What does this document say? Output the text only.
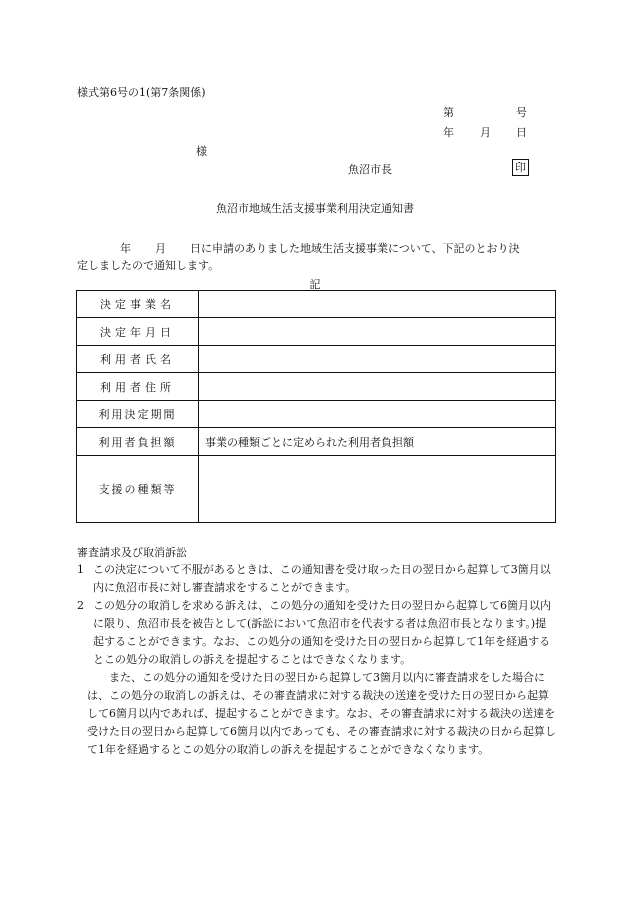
様式第6号の1(第7条関係)
第	号
年 月 日
様
魚沼市長	印
魚沼市地域生活支援事業利用決定通知書
年 月 日に申請のありました地域生活支援事業について、下記のとおり決
定しましたので通知します。
記
決定事業名	
決定年月日	
利用者氏名	
利用者住所	
利用決定期間	
利用者負担額	事業の種類ごとに定められた利用者負担額
支援の種類等	
審査請求及び取消訴訟
1 この決定について不服があるときは、この通知書を受け取った日の翌日から起算して3箇月以内に魚沼市長に対し審査請求をすることができます。
2 この処分の取消しを求める訴えは、この処分の通知を受けた日の翌日から起算して6箇月以内に限り、魚沼市長を被告として(訴訟において魚沼市を代表する者は魚沼市長となります。)提起することができます。なお、この処分の通知を受けた日の翌日から起算して1年を経過するとこの処分の取消しの訴えを提起することはできなくなります。
また、この処分の通知を受けた日の翌日から起算して3箇月以内に審査請求をした場合には、この処分の取消しの訴えは、その審査請求に対する裁決の送達を受けた日の翌日から起算して6箇月以内であれば、提起することができます。なお、その審査請求に対する裁決の送達を受けた日の翌日から起算して6箇月以内であっても、その審査請求に対する裁決の日から起算して1年を経過するとこの処分の取消しの訴えを提起することができなくなります。
